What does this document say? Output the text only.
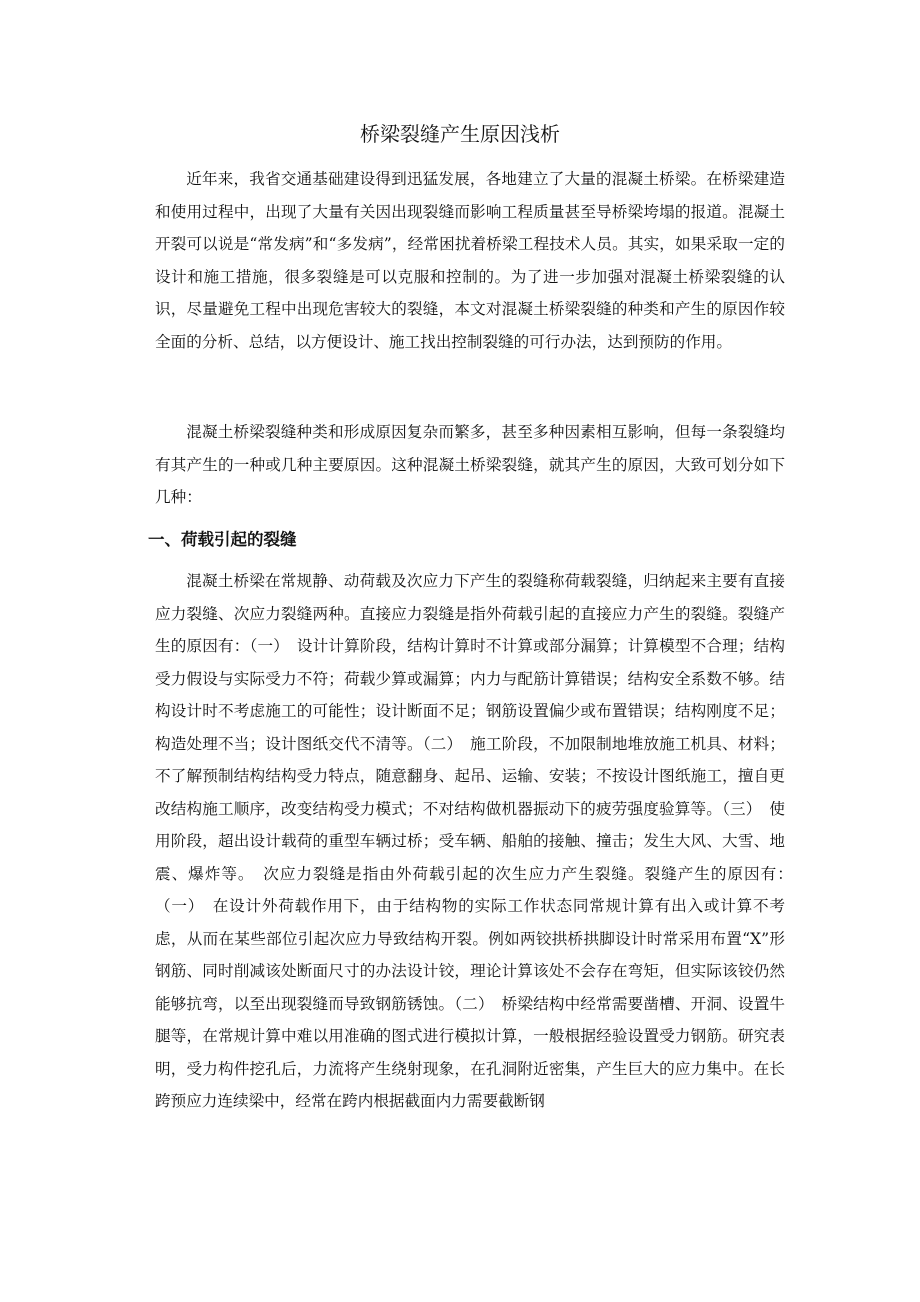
桥梁裂缝产生原因浅析

近年来，我省交通基础建设得到迅猛发展，各地建立了大量的混凝土桥梁。在桥梁建造和使用过程中，出现了大量有关因出现裂缝而影响工程质量甚至导桥梁垮塌的报道。混凝土开裂可以说是“常发病”和“多发病”，经常困扰着桥梁工程技术人员。其实，如果采取一定的设计和施工措施，很多裂缝是可以克服和控制的。为了进一步加强对混凝土桥梁裂缝的认识，尽量避免工程中出现危害较大的裂缝，本文对混凝土桥梁裂缝的种类和产生的原因作较全面的分析、总结，以方便设计、施工找出控制裂缝的可行办法，达到预防的作用。

混凝土桥梁裂缝种类和形成原因复杂而繁多，甚至多种因素相互影响，但每一条裂缝均有其产生的一种或几种主要原因。这种混凝土桥梁裂缝，就其产生的原因，大致可划分如下几种：

一、荷载引起的裂缝

混凝土桥梁在常规静、动荷载及次应力下产生的裂缝称荷载裂缝，归纳起来主要有直接应力裂缝、次应力裂缝两种。直接应力裂缝是指外荷载引起的直接应力产生的裂缝。裂缝产生的原因有：（一）　设计计算阶段，结构计算时不计算或部分漏算；计算模型不合理；结构受力假设与实际受力不符；荷载少算或漏算；内力与配筋计算错误；结构安全系数不够。结构设计时不考虑施工的可能性；设计断面不足；钢筋设置偏少或布置错误；结构刚度不足；构造处理不当；设计图纸交代不清等。（二）　施工阶段，不加限制地堆放施工机具、材料；不了解预制结构结构受力特点，随意翻身、起吊、运输、安装；不按设计图纸施工，擅自更改结构施工顺序，改变结构受力模式；不对结构做机器振动下的疲劳强度验算等。（三）　使用阶段，超出设计载荷的重型车辆过桥；受车辆、船舶的接触、撞击；发生大风、大雪、地震、爆炸等。　次应力裂缝是指由外荷载引起的次生应力产生裂缝。裂缝产生的原因有：　（一）　在设计外荷载作用下，由于结构物的实际工作状态同常规计算有出入或计算不考虑，从而在某些部位引起次应力导致结构开裂。例如两铰拱桥拱脚设计时常采用布置“X”形钢筋、同时削减该处断面尺寸的办法设计铰，理论计算该处不会存在弯矩，但实际该铰仍然能够抗弯，以至出现裂缝而导致钢筋锈蚀。（二）　桥梁结构中经常需要凿槽、开洞、设置牛腿等，在常规计算中难以用准确的图式进行模拟计算，一般根据经验设置受力钢筋。研究表明，受力构件挖孔后，力流将产生绕射现象，在孔洞附近密集，产生巨大的应力集中。在长跨预应力连续梁中，经常在跨内根据截面内力需要截断钢
